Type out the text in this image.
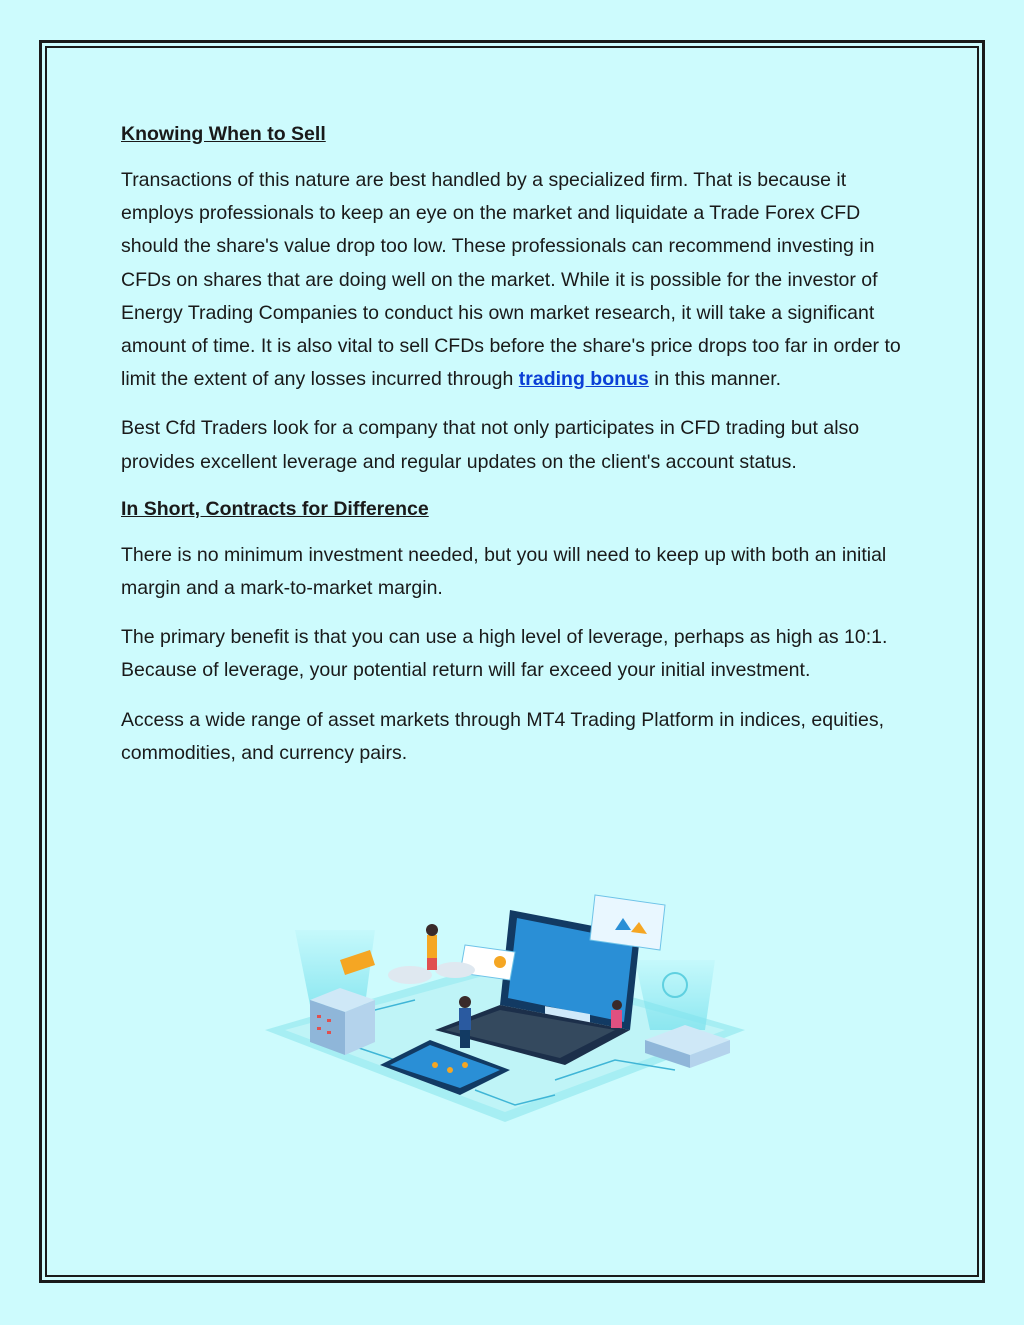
Knowing When to Sell

Transactions of this nature are best handled by a specialized firm. That is because it employs professionals to keep an eye on the market and liquidate a Trade Forex CFD should the share's value drop too low. These professionals can recommend investing in CFDs on shares that are doing well on the market. While it is possible for the investor of Energy Trading Companies to conduct his own market research, it will take a significant amount of time. It is also vital to sell CFDs before the share's price drops too far in order to limit the extent of any losses incurred through trading bonus in this manner.

Best Cfd Traders look for a company that not only participates in CFD trading but also provides excellent leverage and regular updates on the client's account status.

In Short, Contracts for Difference

There is no minimum investment needed, but you will need to keep up with both an initial margin and a mark-to-market margin.

The primary benefit is that you can use a high level of leverage, perhaps as high as 10:1. Because of leverage, your potential return will far exceed your initial investment.

Access a wide range of asset markets through MT4 Trading Platform in indices, equities, commodities, and currency pairs.
